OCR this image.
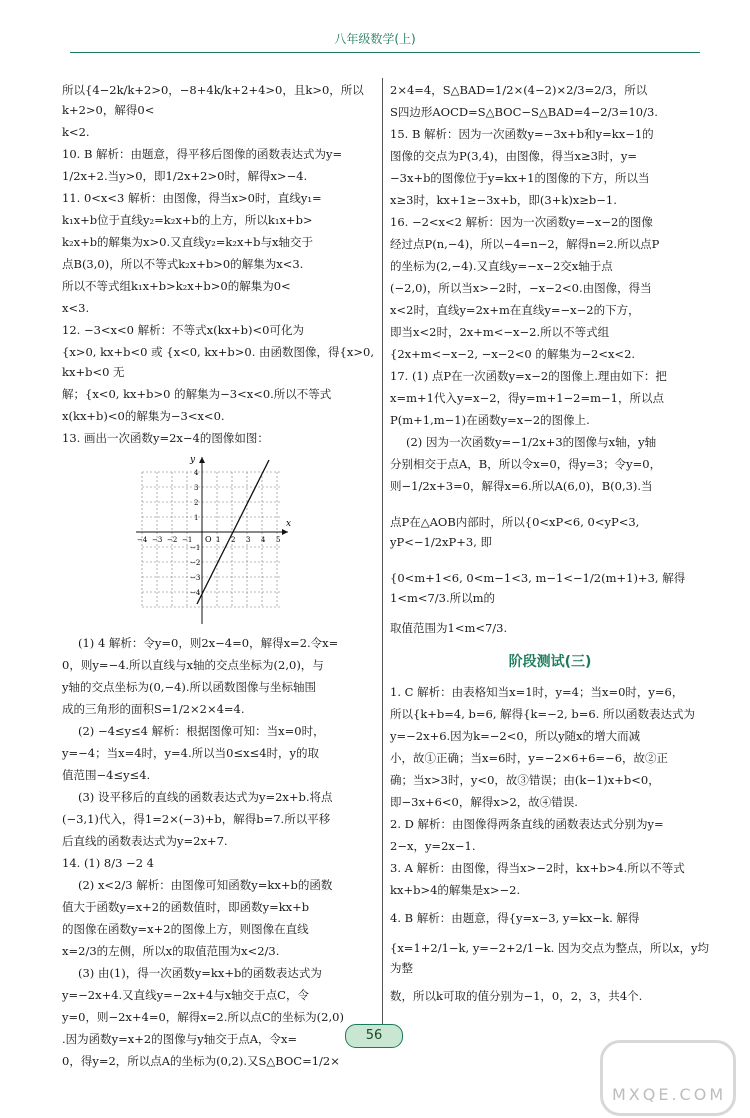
八年级数学(上)

所以{4−2k/k+2>0，−8+4k/k+2+4>0，且k>0，所以k+2>0，解得0<

k<2.

10. B 解析：由题意，得平移后图像的函数表达式为y=

1/2x+2.当y>0，即1/2x+2>0时，解得x>−4.

11. 0<x<3 解析：由图像，得当x>0时，直线y₁=

k₁x+b位于直线y₂=k₂x+b的上方，所以k₁x+b>

k₂x+b的解集为x>0.又直线y₂=k₂x+b与x轴交于

点B(3,0)，所以不等式k₂x+b>0的解集为x<3.

所以不等式组k₁x+b>k₂x+b>0的解集为0<

x<3.

12. −3<x<0 解析：不等式x(kx+b)<0可化为

{x>0, kx+b<0 或 {x<0, kx+b>0. 由函数图像，得{x>0, kx+b<0 无

解；{x<0, kx+b>0 的解集为−3<x<0.所以不等式

x(kx+b)<0的解集为−3<x<0.

13. 画出一次函数y=2x−4的图像如图：

x
y
O
−4 −3 −2 −1	1 2 3 4 5
4
3
2
1
−1
−2
−3
−4

(1) 4 解析：令y=0，则2x−4=0，解得x=2.令x=

0，则y=−4.所以直线与x轴的交点坐标为(2,0)，与

y轴的交点坐标为(0,−4).所以函数图像与坐标轴围

成的三角形的面积S=1/2×2×4=4.

(2) −4≤y≤4 解析：根据图像可知：当x=0时，

y=−4；当x=4时，y=4.所以当0≤x≤4时，y的取

值范围−4≤y≤4.

(3) 设平移后的直线的函数表达式为y=2x+b.将点

(−3,1)代入，得1=2×(−3)+b，解得b=7.所以平移

后直线的函数表达式为y=2x+7.

14. (1) 8/3 −2 4

(2) x<2/3 解析：由图像可知函数y=kx+b的函数

值大于函数y=x+2的函数值时，即函数y=kx+b

的图像在函数y=x+2的图像上方，则图像在直线

x=2/3的左侧，所以x的取值范围为x<2/3.

(3) 由(1)，得一次函数y=kx+b的函数表达式为

y=−2x+4.又直线y=−2x+4与x轴交于点C，令

y=0，则−2x+4=0，解得x=2.所以点C的坐标为(2,0)

.因为函数y=x+2的图像与y轴交于点A，令x=

0，得y=2，所以点A的坐标为(0,2).又S△BOC=1/2×

2×4=4，S△BAD=1/2×(4−2)×2/3=2/3，所以

S四边形AOCD=S△BOC−S△BAD=4−2/3=10/3.

15. B 解析：因为一次函数y=−3x+b和y=kx−1的

图像的交点为P(3,4)，由图像，得当x≥3时，y=

−3x+b的图像位于y=kx+1的图像的下方，所以当

x≥3时，kx+1≥−3x+b，即(3+k)x≥b−1.

16. −2<x<2 解析：因为一次函数y=−x−2的图像

经过点P(n,−4)，所以−4=n−2，解得n=2.所以点P

的坐标为(2,−4).又直线y=−x−2交x轴于点

(−2,0)，所以当x>−2时，−x−2<0.由图像，得当

x<2时，直线y=2x+m在直线y=−x−2的下方，

即当x<2时，2x+m<−x−2.所以不等式组

{2x+m<−x−2, −x−2<0 的解集为−2<x<2.

17. (1) 点P在一次函数y=x−2的图像上.理由如下：把

x=m+1代入y=x−2，得y=m+1−2=m−1，所以点

P(m+1,m−1)在函数y=x−2的图像上.

(2) 因为一次函数y=−1/2x+3的图像与x轴，y轴

分别相交于点A，B，所以令x=0，得y=3；令y=0，

则−1/2x+3=0，解得x=6.所以A(6,0)，B(0,3).当

点P在△AOB内部时，所以{0<xP<6, 0<yP<3, yP<−1/2xP+3, 即

{0<m+1<6, 0<m−1<3, m−1<−1/2(m+1)+3, 解得1<m<7/3.所以m的

取值范围为1<m<7/3.

阶段测试(三)

1. C 解析：由表格知当x=1时，y=4；当x=0时，y=6，

所以{k+b=4, b=6, 解得{k=−2, b=6. 所以函数表达式为

y=−2x+6.因为k=−2<0，所以y随x的增大而减

小，故①正确；当x=6时，y=−2×6+6=−6，故②正

确；当x>3时，y<0，故③错误；由(k−1)x+b<0，

即−3x+6<0，解得x>2，故④错误.

2. D 解析：由图像得两条直线的函数表达式分别为y=

2−x，y=2x−1.

3. A 解析：由图像，得当x>−2时，kx+b>4.所以不等式

kx+b>4的解集是x>−2.

4. B 解析：由题意，得{y=x−3, y=kx−k. 解得

{x=1+2/1−k, y=−2+2/1−k. 因为交点为整点，所以x，y均为整

数，所以k可取的值分别为−1，0，2，3，共4个.

56
MXQE.COM
